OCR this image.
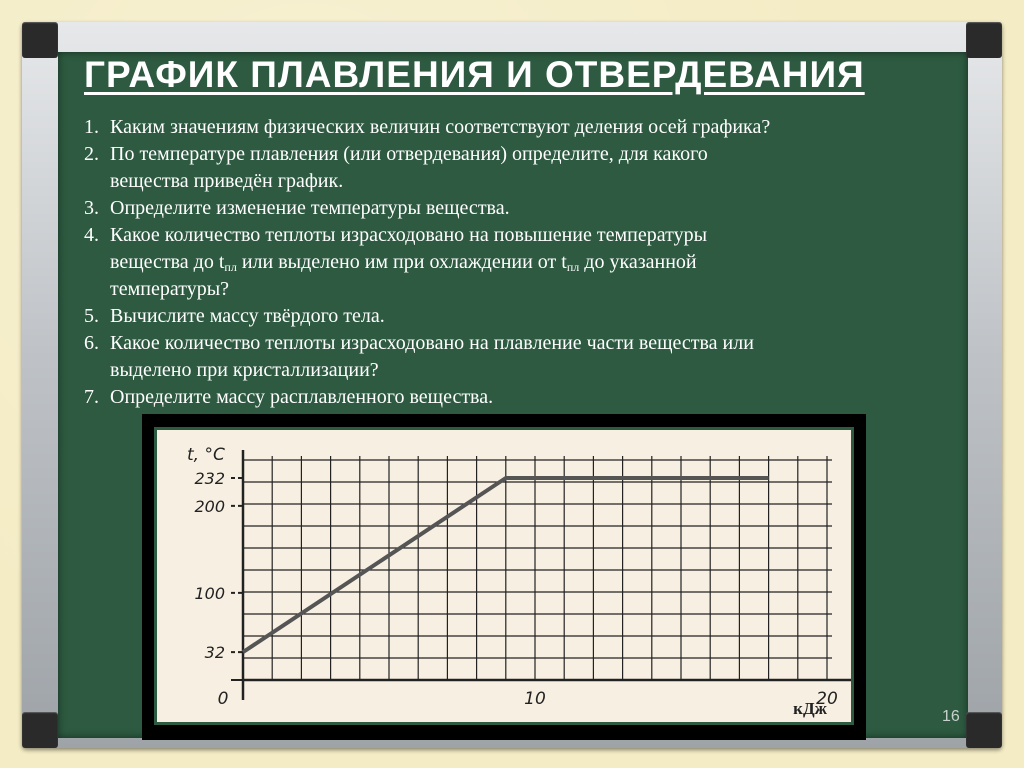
ГРАФИК ПЛАВЛЕНИЯ И ОТВЕРДЕВАНИЯ
1. Каким значениям физических величин соответствуют деления осей графика?
2. По температуре плавления (или отвердевания) определите, для какого
вещества приведён график.
3. Определите изменение температуры вещества.
4. Какое количество теплоты израсходовано на повышение температуры
вещества до $t_{пл}$ или выделено им при охлаждении от $t_{пл}$ до указанной
температуры?
5. Вычислите массу твёрдого тела.
6. Какое количество теплоты израсходовано на плавление части вещества или
выделено при кристаллизации?
7. Определите массу расплавленного вещества.
32
100
200
232
0	10	20
t, °C
кДж	16
